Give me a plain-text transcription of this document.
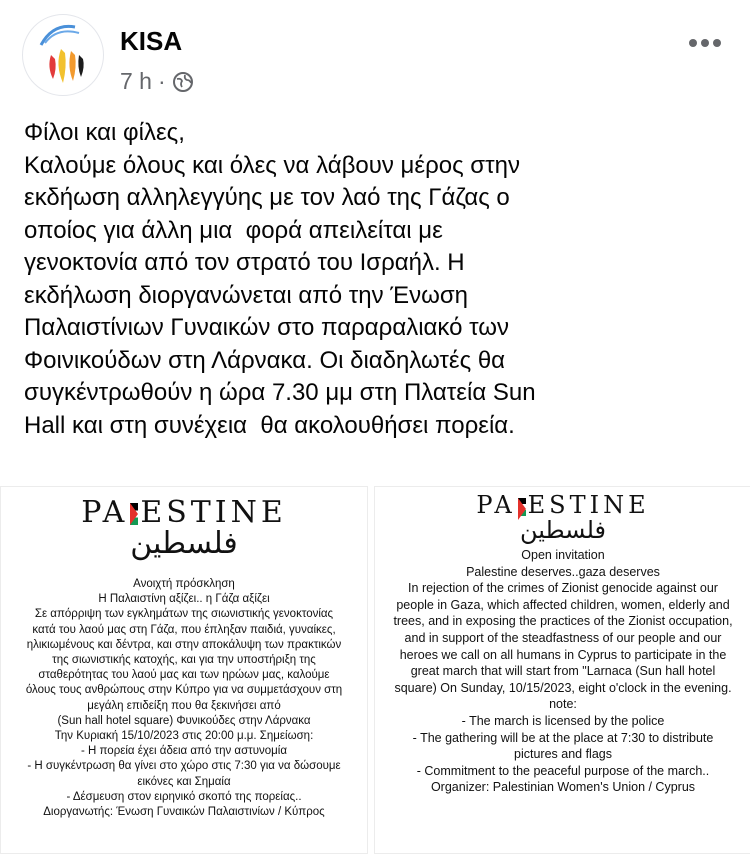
KISA
7 h ·
Φίλοι και φίλες,
Καλούμε όλους και όλες να λάβουν μέρος στην
εκδήωση αλληλεγγύης με τον λαό της Γάζας ο
οποίος για άλλη μια  φορά απειλείται με
γενοκτονία από τον στρατό του Ισραήλ. Η
εκδήλωση διοργανώνεται από την Ένωση
Παλαιστίνιων Γυναικών στο παραραλιακό των
Φοινικούδων στη Λάρνακα. Οι διαδηλωτές θα
συγκέντρωθούν η ώρα 7.30 μμ στη Πλατεία Sun
Hall και στη συνέχεια  θα ακολουθήσει πορεία.
PA ESTINE
فلسطين
Ανοιχτή πρόσκληση
Η Παλαιστίνη αξίζει.. η Γάζα αξίζει
Σε απόρριψη των εγκλημάτων της σιωνιστικής γενοκτονίας
κατά του λαού μας στη Γάζα, που έπληξαν παιδιά, γυναίκες,
ηλικιωμένους και δέντρα, και στην αποκάλυψη των πρακτικών
της σιωνιστικής κατοχής, και για την υποστήριξη της
σταθερότητας του λαού μας και των ηρώων μας, καλούμε
όλους τους ανθρώπους στην Κύπρο για να συμμετάσχουν στη
μεγάλη επιδείξη που θα ξεκινήσει από
(Sun hall hotel square) Φυνικούδες στην Λάρνακα
Την Κυριακή 15/10/2023 στις 20:00 μ.μ. Σημείωση:
- Η πορεία έχει άδεια από την αστυνομία
- Η συγκέντρωση θα γίνει στο χώρο στις 7:30 για να δώσουμε
εικόνες και Σημαία
- Δέσμευση στον ειρηνικό σκοπό της πορείας..
Διοργανωτής: Ένωση Γυναικών Παλαιστινίων / Κύπρος
PA ESTINE
فلسطين
Open invitation
Palestine deserves..gaza deserves
In rejection of the crimes of Zionist genocide against our
people in Gaza, which affected children, women, elderly and
trees, and in exposing the practices of the Zionist occupation,
and in support of the steadfastness of our people and our
heroes we call on all humans in Cyprus to participate in the
great march that will start from "Larnaca (Sun hall hotel
square) On Sunday, 10/15/2023, eight o'clock in the evening.
note:
- The march is licensed by the police
- The gathering will be at the place at 7:30 to distribute
pictures and flags
- Commitment to the peaceful purpose of the march..
Organizer: Palestinian Women's Union / Cyprus
